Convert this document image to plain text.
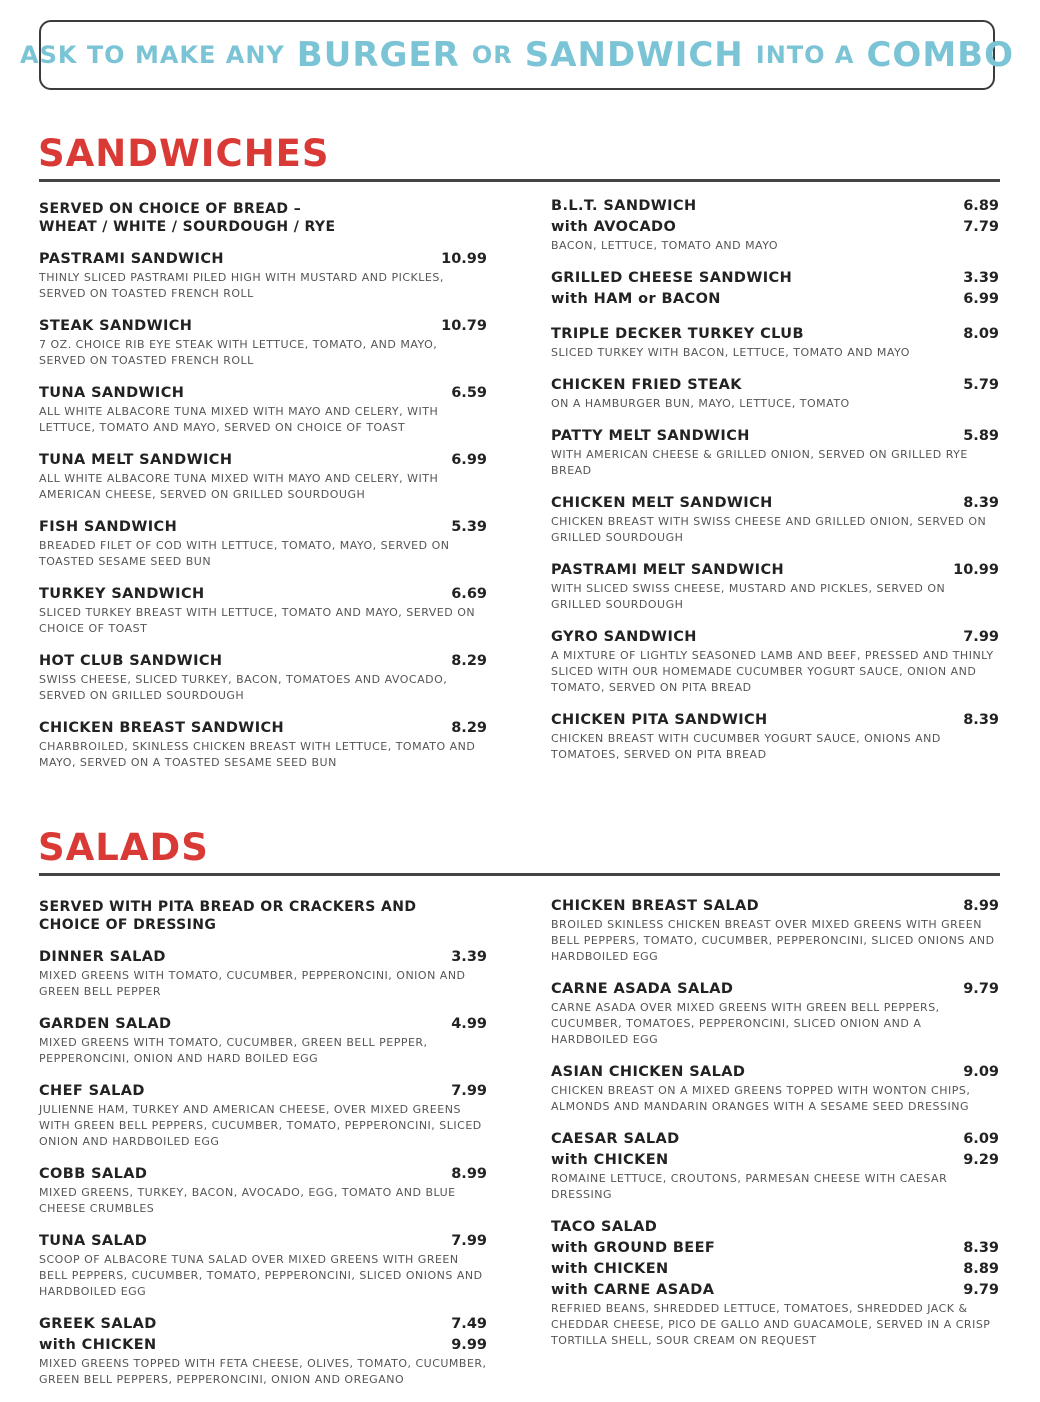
ASK TO MAKE ANY BURGER OR SANDWICH INTO A COMBO
SANDWICHES
SERVED ON CHOICE OF BREAD –
WHEAT / WHITE / SOURDOUGH / RYE
PASTRAMI SANDWICH	10.99
THINLY SLICED PASTRAMI PILED HIGH WITH MUSTARD AND PICKLES, SERVED ON TOASTED FRENCH ROLL
STEAK SANDWICH	10.79
7 OZ. CHOICE RIB EYE STEAK WITH LETTUCE, TOMATO, AND MAYO, SERVED ON TOASTED FRENCH ROLL
TUNA SANDWICH	6.59
ALL WHITE ALBACORE TUNA MIXED WITH MAYO AND CELERY, WITH LETTUCE, TOMATO AND MAYO, SERVED ON CHOICE OF TOAST
TUNA MELT SANDWICH	6.99
ALL WHITE ALBACORE TUNA MIXED WITH MAYO AND CELERY, WITH AMERICAN CHEESE, SERVED ON GRILLED SOURDOUGH
FISH SANDWICH	5.39
BREADED FILET OF COD WITH LETTUCE, TOMATO, MAYO, SERVED ON TOASTED SESAME SEED BUN
TURKEY SANDWICH	6.69
SLICED TURKEY BREAST WITH LETTUCE, TOMATO AND MAYO, SERVED ON CHOICE OF TOAST
HOT CLUB SANDWICH	8.29
SWISS CHEESE, SLICED TURKEY, BACON, TOMATOES AND AVOCADO, SERVED ON GRILLED SOURDOUGH
CHICKEN BREAST SANDWICH	8.29
CHARBROILED, SKINLESS CHICKEN BREAST WITH LETTUCE, TOMATO AND MAYO, SERVED ON A TOASTED SESAME SEED BUN
B.L.T. SANDWICH	6.89
with AVOCADO	7.79
BACON, LETTUCE, TOMATO AND MAYO
GRILLED CHEESE SANDWICH	3.39
with HAM or BACON	6.99
TRIPLE DECKER TURKEY CLUB	8.09
SLICED TURKEY WITH BACON, LETTUCE, TOMATO AND MAYO
CHICKEN FRIED STEAK	5.79
ON A HAMBURGER BUN, MAYO, LETTUCE, TOMATO
PATTY MELT SANDWICH	5.89
WITH AMERICAN CHEESE & GRILLED ONION, SERVED ON GRILLED RYE BREAD
CHICKEN MELT SANDWICH	8.39
CHICKEN BREAST WITH SWISS CHEESE AND GRILLED ONION, SERVED ON GRILLED SOURDOUGH
PASTRAMI MELT SANDWICH	10.99
WITH SLICED SWISS CHEESE, MUSTARD AND PICKLES, SERVED ON GRILLED SOURDOUGH
GYRO SANDWICH	7.99
A MIXTURE OF LIGHTLY SEASONED LAMB AND BEEF, PRESSED AND THINLY SLICED WITH OUR HOMEMADE CUCUMBER YOGURT SAUCE, ONION AND TOMATO, SERVED ON PITA BREAD
CHICKEN PITA SANDWICH	8.39
CHICKEN BREAST WITH CUCUMBER YOGURT SAUCE, ONIONS AND TOMATOES, SERVED ON PITA BREAD
SALADS
SERVED WITH PITA BREAD OR CRACKERS AND
CHOICE OF DRESSING
DINNER SALAD	3.39
MIXED GREENS WITH TOMATO, CUCUMBER, PEPPERONCINI, ONION AND GREEN BELL PEPPER
GARDEN SALAD	4.99
MIXED GREENS WITH TOMATO, CUCUMBER, GREEN BELL PEPPER, PEPPERONCINI, ONION AND HARD BOILED EGG
CHEF SALAD	7.99
JULIENNE HAM, TURKEY AND AMERICAN CHEESE, OVER MIXED GREENS WITH GREEN BELL PEPPERS, CUCUMBER, TOMATO, PEPPERONCINI, SLICED ONION AND HARDBOILED EGG
COBB SALAD	8.99
MIXED GREENS, TURKEY, BACON, AVOCADO, EGG, TOMATO AND BLUE CHEESE CRUMBLES
TUNA SALAD	7.99
SCOOP OF ALBACORE TUNA SALAD OVER MIXED GREENS WITH GREEN BELL PEPPERS, CUCUMBER, TOMATO, PEPPERONCINI, SLICED ONIONS AND HARDBOILED EGG
GREEK SALAD	7.49
with CHICKEN	9.99
MIXED GREENS TOPPED WITH FETA CHEESE, OLIVES, TOMATO, CUCUMBER, GREEN BELL PEPPERS, PEPPERONCINI, ONION AND OREGANO
CHICKEN BREAST SALAD	8.99
BROILED SKINLESS CHICKEN BREAST OVER MIXED GREENS WITH GREEN BELL PEPPERS, TOMATO, CUCUMBER, PEPPERONCINI, SLICED ONIONS AND HARDBOILED EGG
CARNE ASADA SALAD	9.79
CARNE ASADA OVER MIXED GREENS WITH GREEN BELL PEPPERS, CUCUMBER, TOMATOES, PEPPERONCINI, SLICED ONION AND A HARDBOILED EGG
ASIAN CHICKEN SALAD	9.09
CHICKEN BREAST ON A MIXED GREENS TOPPED WITH WONTON CHIPS, ALMONDS AND MANDARIN ORANGES WITH A SESAME SEED DRESSING
CAESAR SALAD	6.09
with CHICKEN	9.29
ROMAINE LETTUCE, CROUTONS, PARMESAN CHEESE WITH CAESAR DRESSING
TACO SALAD
with GROUND BEEF	8.39
with CHICKEN	8.89
with CARNE ASADA	9.79
REFRIED BEANS, SHREDDED LETTUCE, TOMATOES, SHREDDED JACK & CHEDDAR CHEESE, PICO DE GALLO AND GUACAMOLE, SERVED IN A CRISP TORTILLA SHELL, SOUR CREAM ON REQUEST
